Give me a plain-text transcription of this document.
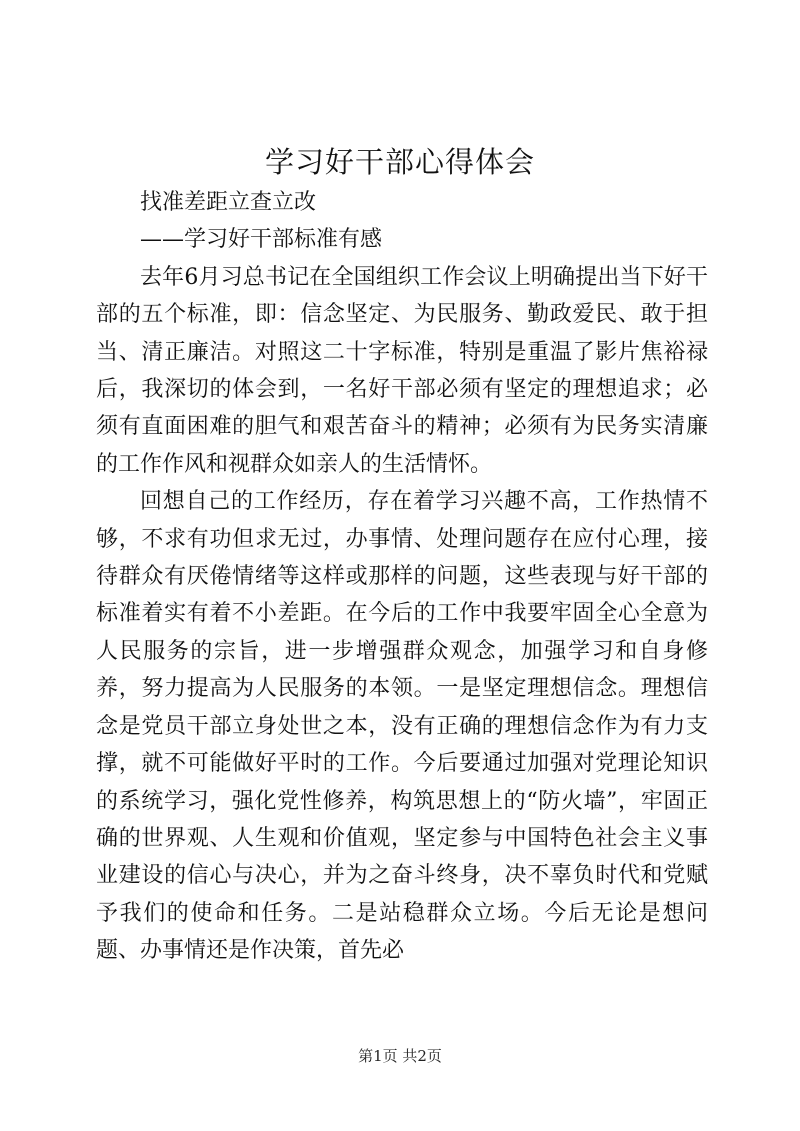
学习好干部心得体会

找准差距立查立改

——学习好干部标准有感

去年6月习总书记在全国组织工作会议上明确提出当下好干部的五个标准，即：信念坚定、为民服务、勤政爱民、敢于担当、清正廉洁。对照这二十字标准，特别是重温了影片焦裕禄后，我深切的体会到，一名好干部必须有坚定的理想追求；必须有直面困难的胆气和艰苦奋斗的精神；必须有为民务实清廉的工作作风和视群众如亲人的生活情怀。

回想自己的工作经历，存在着学习兴趣不高，工作热情不够，不求有功但求无过，办事情、处理问题存在应付心理，接待群众有厌倦情绪等这样或那样的问题，这些表现与好干部的标准着实有着不小差距。在今后的工作中我要牢固全心全意为人民服务的宗旨，进一步增强群众观念，加强学习和自身修养，努力提高为人民服务的本领。一是坚定理想信念。理想信念是党员干部立身处世之本，没有正确的理想信念作为有力支撑，就不可能做好平时的工作。今后要通过加强对党理论知识的系统学习，强化党性修养，构筑思想上的“防火墙”，牢固正确的世界观、人生观和价值观，坚定参与中国特色社会主义事业建设的信心与决心，并为之奋斗终身，决不辜负时代和党赋予我们的使命和任务。二是站稳群众立场。今后无论是想问题、办事情还是作决策，首先必

第1页 共2页
